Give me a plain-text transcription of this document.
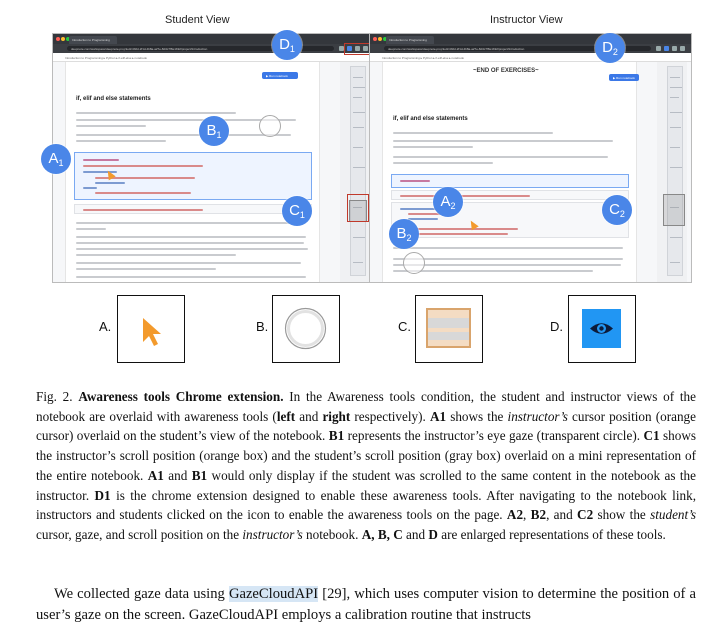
Student View	Instructor View
Introduction to Programming
deepnote.com/workspace/deepnote-proj-9e3c4b6d-2f1d-4b8a-a27e-8d4c7f8e1b92/project/Introduction
Introduction to Programming ▸ Python ▸ if-elif-else ▸ notebook
▶ Run notebook
if, elif and else statements
Introduction to Programming
deepnote.com/workspace/deepnote-proj-9e3c4b6d-2f1d-4b8a-a27e-8d4c7f8e1b92/project/Introduction
Introduction to Programming ▸ Python ▸ if-elif-else ▸ notebook
~END OF EXERCISES~
▶ Run notebook
if, elif and else statements
$D_1$
$B_1$
$A_1$
$C_1$
$D_2$
$A_2$
$B_2$
$C_2$
A.	B.	C.	D.
Fig. 2. Awareness tools Chrome extension. In the Awareness tools condition, the student and instructor views of the notebook are overlaid with awareness tools (left and right respectively). A1 shows the instructor’s cursor position (orange cursor) overlaid on the student’s view of the notebook. B1 represents the instructor’s eye gaze (transparent circle). C1 shows the instructor’s scroll position (orange box) and the student’s scroll position (gray box) overlaid on a mini representation of the entire notebook. A1 and B1 would only display if the student was scrolled to the same content in the notebook as the instructor. D1 is the chrome extension designed to enable these awareness tools. After navigating to the notebook link, instructors and students clicked on the icon to enable the awareness tools on the page. A2, B2, and C2 show the student’s cursor, gaze, and scroll position on the instructor’s notebook. A, B, C and D are enlarged representations of these tools.
We collected gaze data using GazeCloudAPI [29], which uses computer vision to determine the position of a user’s gaze on the screen. GazeCloudAPI employs a calibration routine that instructs
